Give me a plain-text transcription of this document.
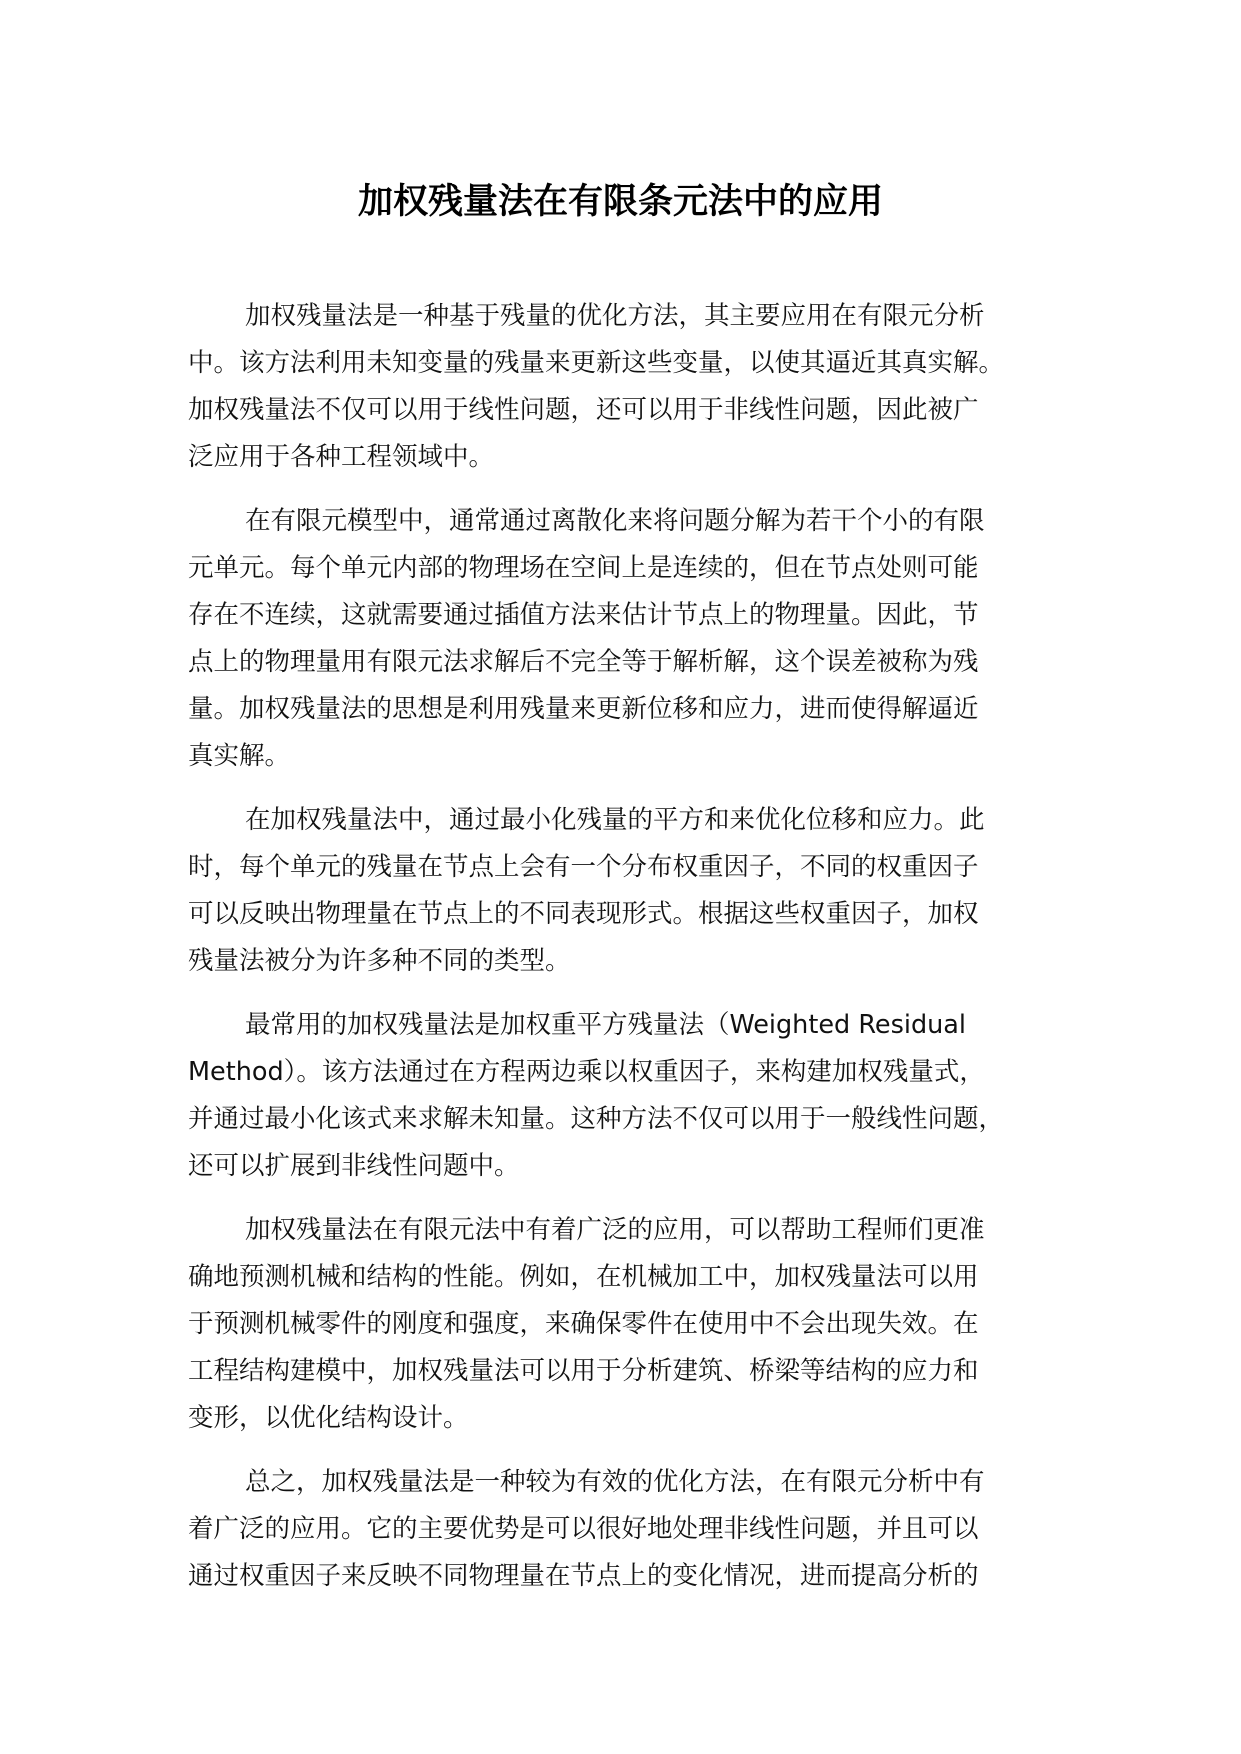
加权残量法在有限条元法中的应用
加权残量法是一种基于残量的优化方法，其主要应用在有限元分析
中。该方法利用未知变量的残量来更新这些变量，以使其逼近其真实解。
加权残量法不仅可以用于线性问题，还可以用于非线性问题，因此被广
泛应用于各种工程领域中。
在有限元模型中，通常通过离散化来将问题分解为若干个小的有限
元单元。每个单元内部的物理场在空间上是连续的，但在节点处则可能
存在不连续，这就需要通过插值方法来估计节点上的物理量。因此，节
点上的物理量用有限元法求解后不完全等于解析解，这个误差被称为残
量。加权残量法的思想是利用残量来更新位移和应力，进而使得解逼近
真实解。
在加权残量法中，通过最小化残量的平方和来优化位移和应力。此
时，每个单元的残量在节点上会有一个分布权重因子，不同的权重因子
可以反映出物理量在节点上的不同表现形式。根据这些权重因子，加权
残量法被分为许多种不同的类型。
最常用的加权残量法是加权重平方残量法（Weighted Residual
Method）。该方法通过在方程两边乘以权重因子，来构建加权残量式，
并通过最小化该式来求解未知量。这种方法不仅可以用于一般线性问题，
还可以扩展到非线性问题中。
加权残量法在有限元法中有着广泛的应用，可以帮助工程师们更准
确地预测机械和结构的性能。例如，在机械加工中，加权残量法可以用
于预测机械零件的刚度和强度，来确保零件在使用中不会出现失效。在
工程结构建模中，加权残量法可以用于分析建筑、桥梁等结构的应力和
变形，以优化结构设计。
总之，加权残量法是一种较为有效的优化方法，在有限元分析中有
着广泛的应用。它的主要优势是可以很好地处理非线性问题，并且可以
通过权重因子来反映不同物理量在节点上的变化情况，进而提高分析的
